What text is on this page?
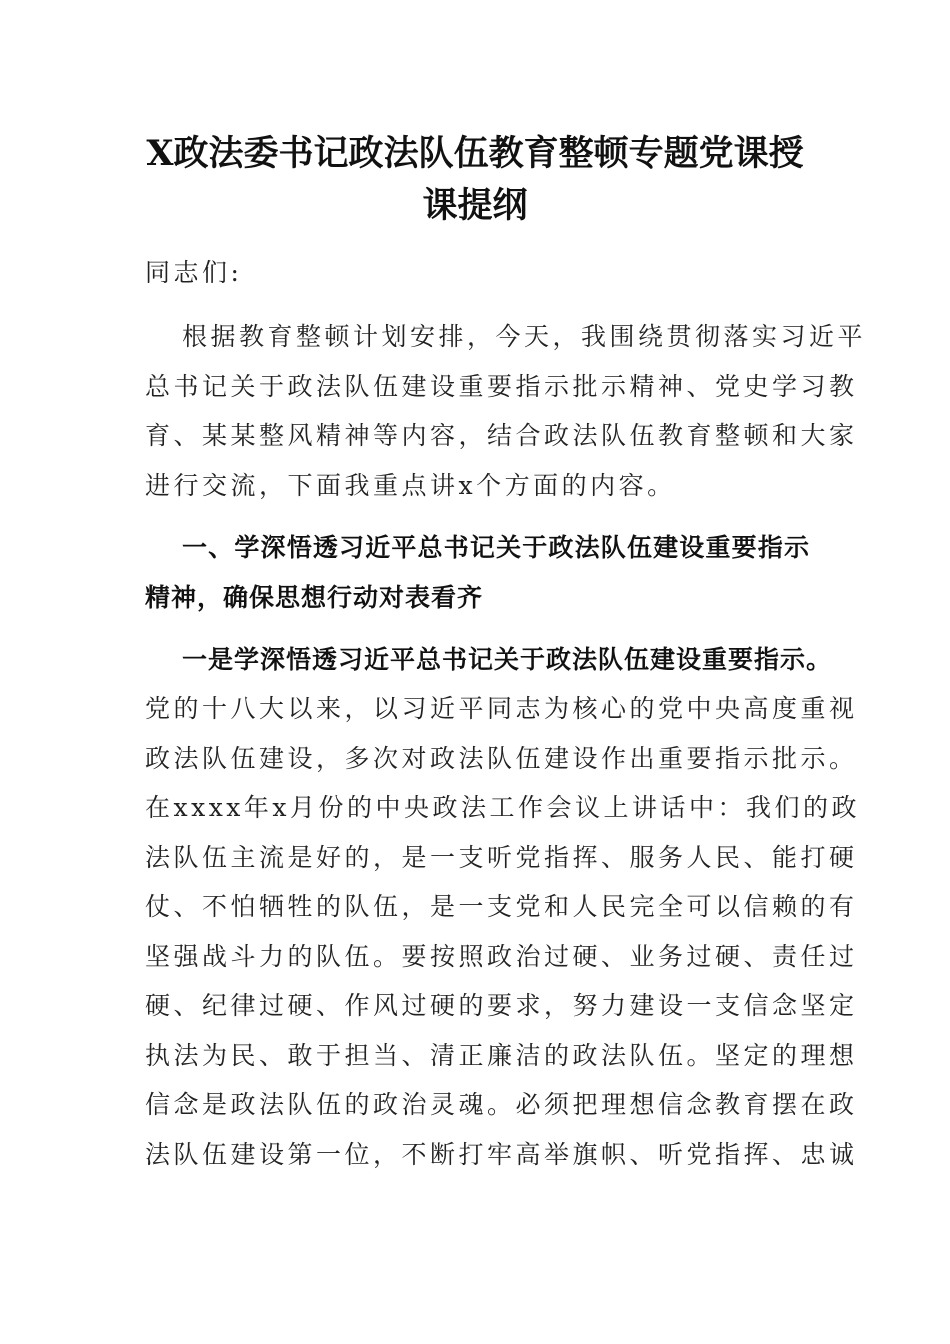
X政法委书记政法队伍教育整顿专题党课授
课提纲
同志们:
根据教育整顿计划安排，今天，我围绕贯彻落实习近平
总书记关于政法队伍建设重要指示批示精神、党史学习教
育、某某整风精神等内容，结合政法队伍教育整顿和大家
进行交流，下面我重点讲x个方面的内容。
一、学深悟透习近平总书记关于政法队伍建设重要指示
精神，确保思想行动对表看齐
一是学深悟透习近平总书记关于政法队伍建设重要指示。
党的十八大以来，以习近平同志为核心的党中央高度重视
政法队伍建设，多次对政法队伍建设作出重要指示批示。
在xxxx年x月份的中央政法工作会议上讲话中：我们的政
法队伍主流是好的，是一支听党指挥、服务人民、能打硬
仗、不怕牺牲的队伍，是一支党和人民完全可以信赖的有
坚强战斗力的队伍。要按照政治过硬、业务过硬、责任过
硬、纪律过硬、作风过硬的要求，努力建设一支信念坚定
执法为民、敢于担当、清正廉洁的政法队伍。坚定的理想
信念是政法队伍的政治灵魂。必须把理想信念教育摆在政
法队伍建设第一位，不断打牢高举旗帜、听党指挥、忠诚
